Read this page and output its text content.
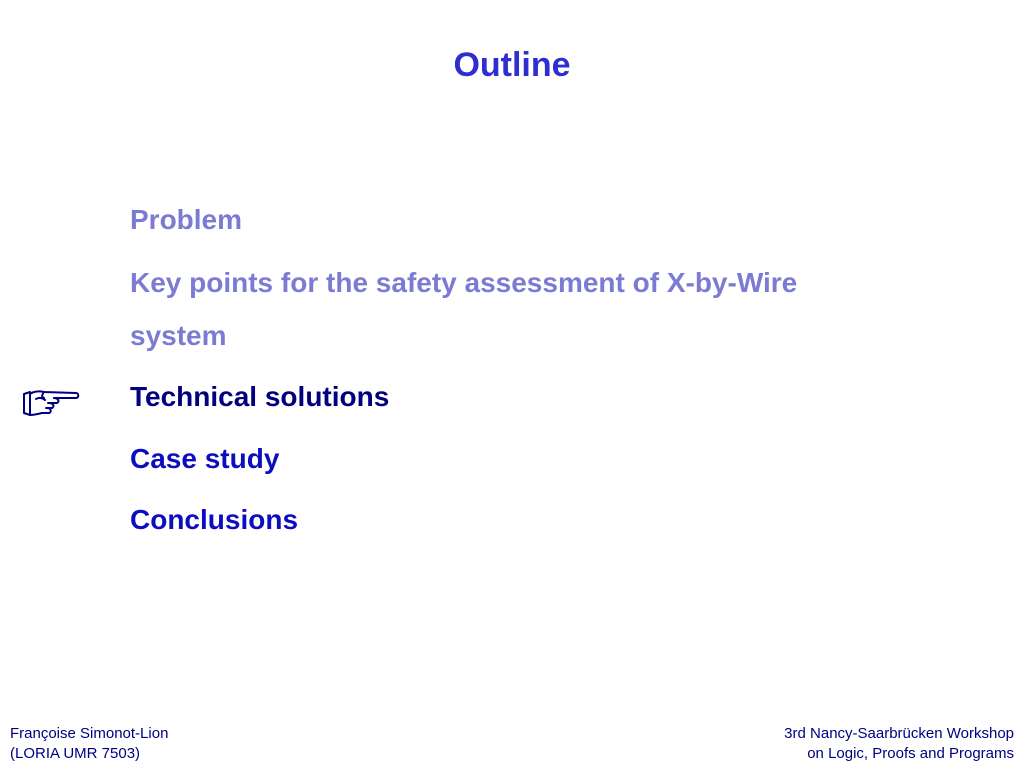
Outline
Problem
Key points for the safety assessment of X-by-Wire
system
Technical solutions
Case study
Conclusions
Françoise Simonot-Lion
(LORIA UMR 7503)
3rd Nancy-Saarbrücken Workshop
on Logic, Proofs and Programs
